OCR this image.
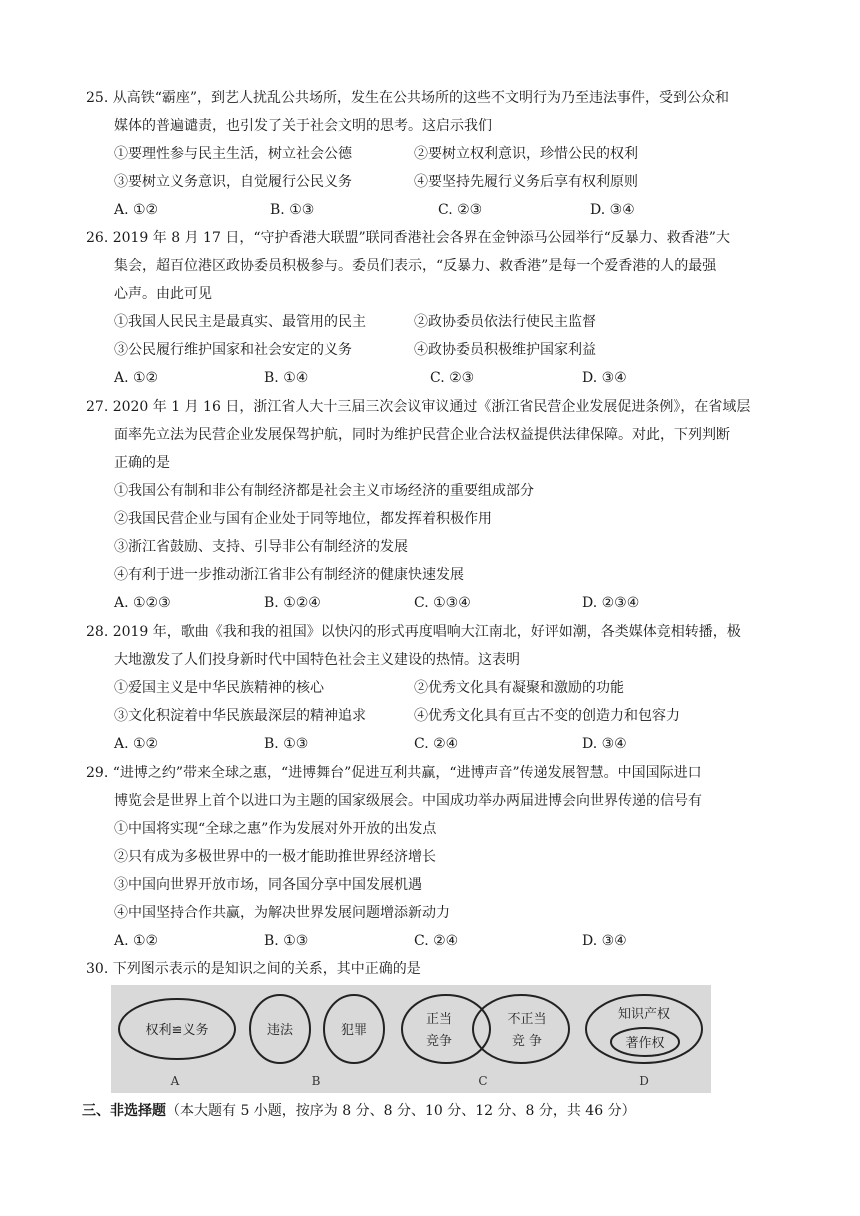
25. 从高铁“霸座”，到艺人扰乱公共场所，发生在公共场所的这些不文明行为乃至违法事件，受到公众和
媒体的普遍谴责，也引发了关于社会文明的思考。这启示我们
①要理性参与民主生活，树立社会公德	②要树立权利意识，珍惜公民的权利
③要树立义务意识，自觉履行公民义务	④要坚持先履行义务后享有权利原则
A. ①②	B. ①③	C. ②③	D. ③④
26. 2019 年 8 月 17 日，“守护香港大联盟”联同香港社会各界在金钟添马公园举行“反暴力、救香港”大
集会，超百位港区政协委员积极参与。委员们表示，“反暴力、救香港”是每一个爱香港的人的最强
心声。由此可见
①我国人民民主是最真实、最管用的民主	②政协委员依法行使民主监督
③公民履行维护国家和社会安定的义务	④政协委员积极维护国家利益
A. ①②	B. ①④	C. ②③	D. ③④
27. 2020 年 1 月 16 日，浙江省人大十三届三次会议审议通过《浙江省民营企业发展促进条例》，在省域层
面率先立法为民营企业发展保驾护航，同时为维护民营企业合法权益提供法律保障。对此，下列判断
正确的是
①我国公有制和非公有制经济都是社会主义市场经济的重要组成部分
②我国民营企业与国有企业处于同等地位，都发挥着积极作用
③浙江省鼓励、支持、引导非公有制经济的发展
④有利于进一步推动浙江省非公有制经济的健康快速发展
A. ①②③	B. ①②④	C. ①③④	D. ②③④
28. 2019 年，歌曲《我和我的祖国》以快闪的形式再度唱响大江南北，好评如潮，各类媒体竞相转播，极
大地激发了人们投身新时代中国特色社会主义建设的热情。这表明
①爱国主义是中华民族精神的核心	②优秀文化具有凝聚和激励的功能
③文化积淀着中华民族最深层的精神追求	④优秀文化具有亘古不变的创造力和包容力
A. ①②	B. ①③	C. ②④	D. ③④
29. “进博之约”带来全球之惠，“进博舞台”促进互利共赢，“进博声音”传递发展智慧。中国国际进口
博览会是世界上首个以进口为主题的国家级展会。中国成功举办两届进博会向世界传递的信号有
①中国将实现“全球之惠”作为发展对外开放的出发点
②只有成为多极世界中的一极才能助推世界经济增长
③中国向世界开放市场，同各国分享中国发展机遇
④中国坚持合作共赢，为解决世界发展问题增添新动力
A. ①②	B. ①③	C. ②④	D. ③④
30. 下列图示表示的是知识之间的关系，其中正确的是
权利≌义务
A
违法	犯罪
B
正当
竞争
不正当
竞 争
C
知识产权
著作权
D
三、非选择题（本大题有 5 小题，按序为 8 分、8 分、10 分、12 分、8 分，共 46 分）
